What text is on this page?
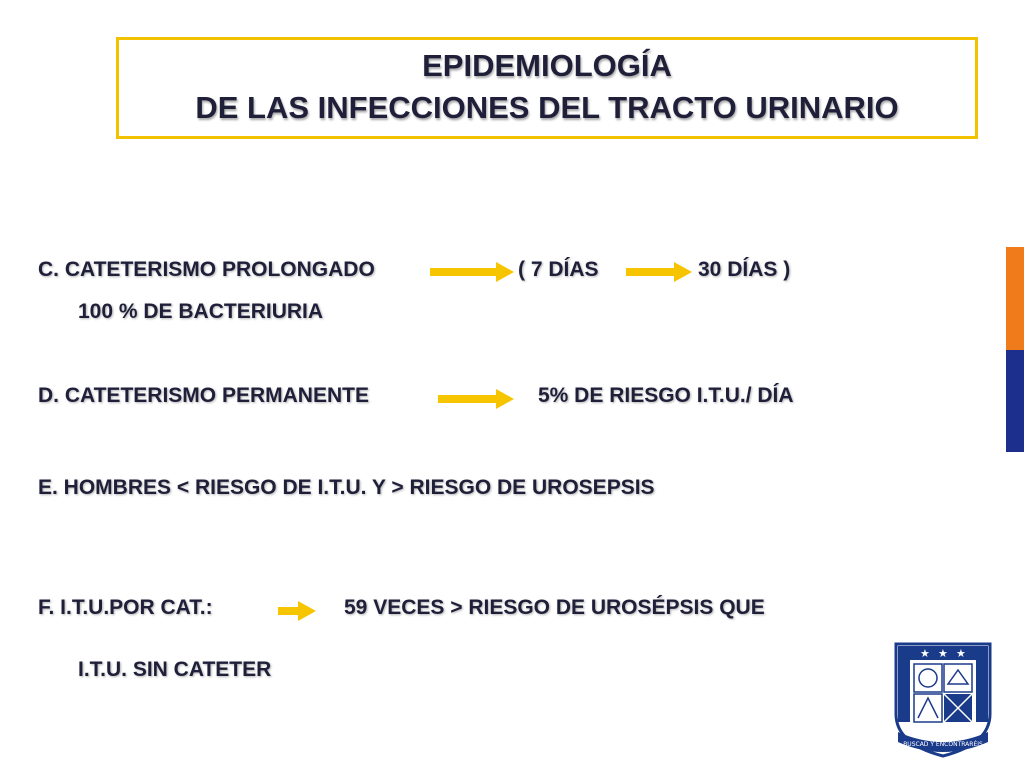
EPIDEMIOLOGÍA
DE LAS INFECCIONES DEL TRACTO URINARIO
C. CATETERISMO PROLONGADO	( 7 DÍAS	30 DÍAS )
100 % DE BACTERIURIA
D. CATETERISMO PERMANENTE	5% DE RIESGO I.T.U./ DÍA
E. HOMBRES < RIESGO DE I.T.U. Y > RIESGO DE UROSEPSIS
F. I.T.U.POR CAT.:	59 VECES > RIESGO DE UROSÉPSIS QUE
I.T.U. SIN CATETER
★ ★ ★
BUSCAD Y ENCONTRARÉIS
